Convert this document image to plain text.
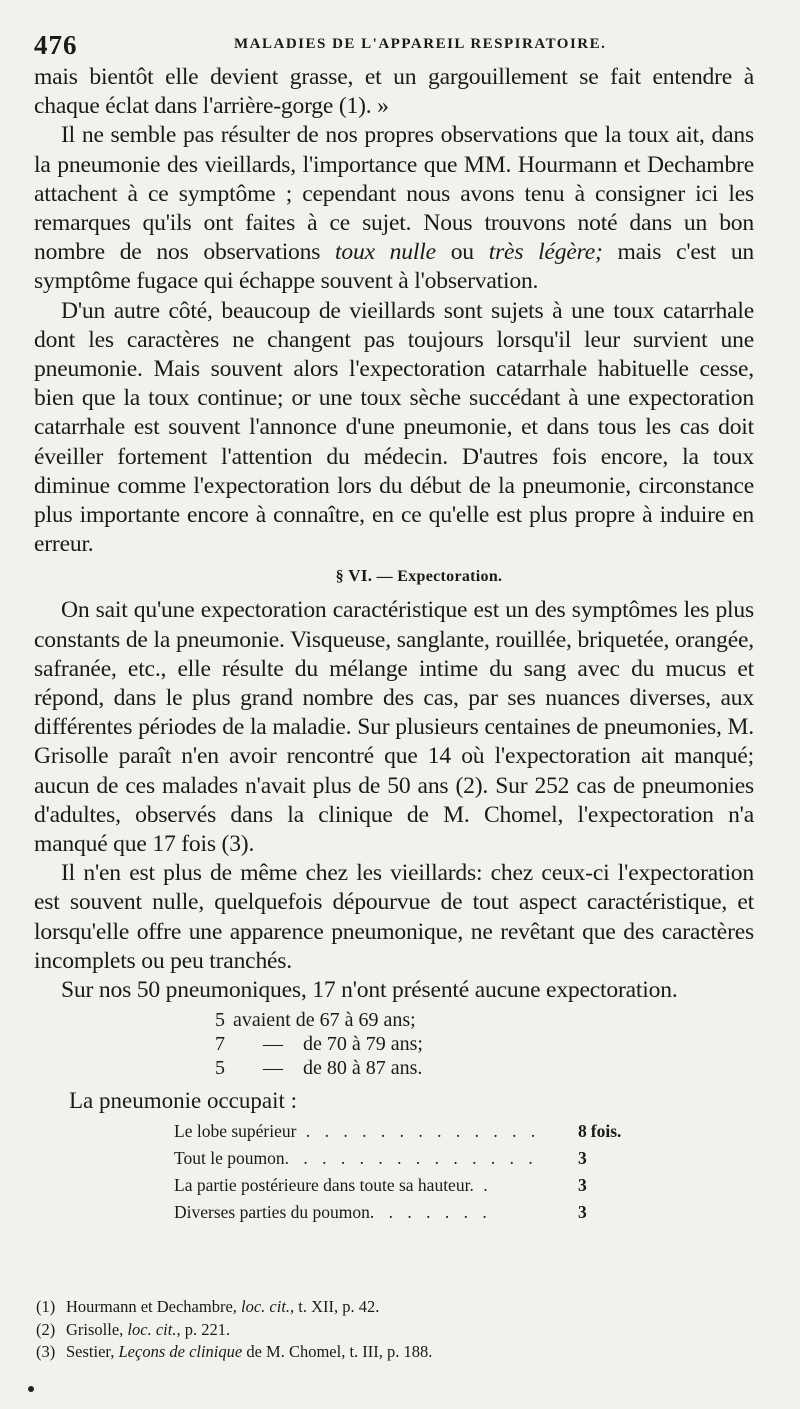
476	MALADIES DE L'APPAREIL RESPIRATOIRE.

mais bientôt elle devient grasse, et un gargouillement se fait entendre à chaque éclat dans l'arrière-gorge (1). »

Il ne semble pas résulter de nos propres observations que la toux ait, dans la pneumonie des vieillards, l'importance que MM. Hourmann et Dechambre attachent à ce symptôme ; cependant nous avons tenu à consigner ici les remarques qu'ils ont faites à ce sujet. Nous trouvons noté dans un bon nombre de nos observations toux nulle ou très légère; mais c'est un symptôme fugace qui échappe souvent à l'observation.

D'un autre côté, beaucoup de vieillards sont sujets à une toux catarrhale dont les caractères ne changent pas toujours lorsqu'il leur survient une pneumonie. Mais souvent alors l'expectoration catarrhale habituelle cesse, bien que la toux continue; or une toux sèche succédant à une expectoration catarrhale est souvent l'annonce d'une pneumonie, et dans tous les cas doit éveiller fortement l'attention du médecin. D'autres fois encore, la toux diminue comme l'expectoration lors du début de la pneumonie, circonstance plus importante encore à connaître, en ce qu'elle est plus propre à induire en erreur.

§ VI. — Expectoration.

On sait qu'une expectoration caractéristique est un des symptômes les plus constants de la pneumonie. Visqueuse, sanglante, rouillée, briquetée, orangée, safranée, etc., elle résulte du mélange intime du sang avec du mucus et répond, dans le plus grand nombre des cas, par ses nuances diverses, aux différentes périodes de la maladie. Sur plusieurs centaines de pneumonies, M. Grisolle paraît n'en avoir rencontré que 14 où l'expectoration ait manqué; aucun de ces malades n'avait plus de 50 ans (2). Sur 252 cas de pneumonies d'adultes, observés dans la clinique de M. Chomel, l'expectoration n'a manqué que 17 fois (3).

Il n'en est plus de même chez les vieillards: chez ceux-ci l'expectoration est souvent nulle, quelquefois dépourvue de tout aspect caractéristique, et lorsqu'elle offre une apparence pneumonique, ne revêtant que des caractères incomplets ou peu tranchés.

Sur nos 50 pneumoniques, 17 n'ont présenté aucune expectoration.

5 avaient de 67 à 69 ans;
7	—	de 70 à 79 ans;
5	—	de 80 à 87 ans.
La pneumonie occupait :
Le lobe supérieur . . . . . . . . . . . . .	8 fois.
Tout le poumon. . . . . . . . . . . . . .	3
La partie postérieure dans toute sa hauteur. .	3
Diverses parties du poumon. . . . . . .	3
(1) Hourmann et Dechambre, loc. cit., t. XII, p. 42.
(2) Grisolle, loc. cit., p. 221.
(3) Sestier, Leçons de clinique de M. Chomel, t. III, p. 188.
